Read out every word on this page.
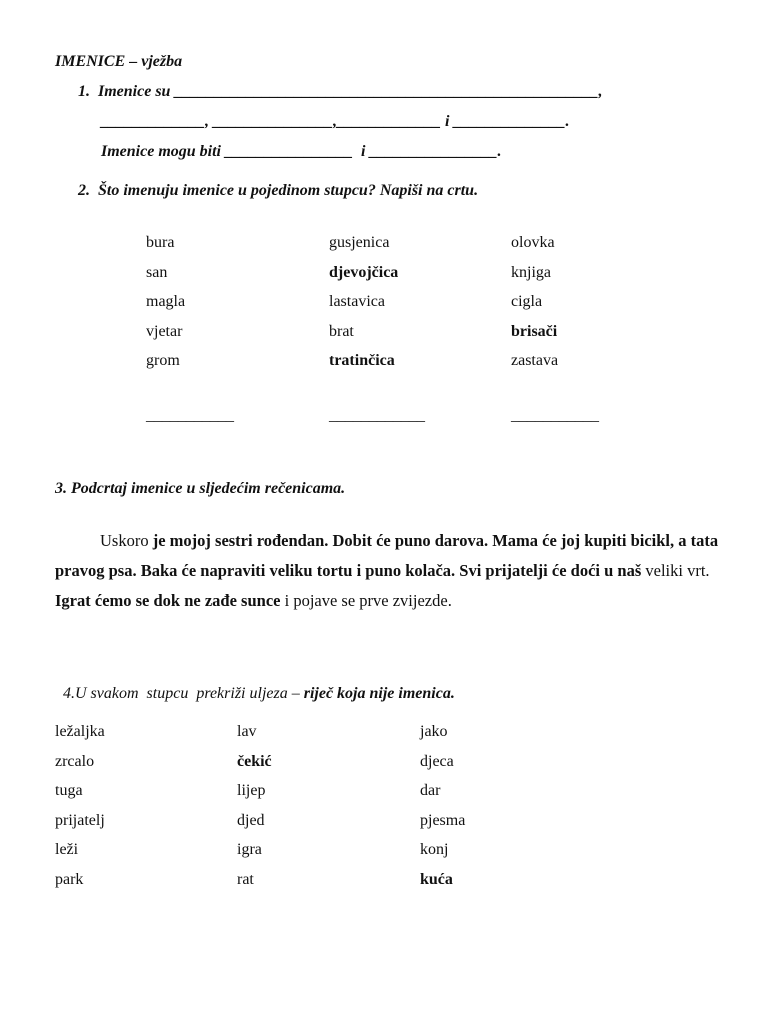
IMENICE – vježba
1.  Imenice su _____________________________________________________,
_____________, _______________,_____________ i ______________.
Imenice mogu biti ________________  i ________________.
2.  Što imenuju imenice u pojedinom stupcu? Napiši na crtu.
bura
san
magla
vjetar
grom
gusjenica
djevojčica
lastavica
brat
tratinčica
olovka
knjiga
cigla
brisači
zastava
___________	____________	___________
3. Podcrtaj imenice u sljedećim rečenicama.
Uskoro je mojoj sestri rođendan. Dobit će puno darova. Mama će joj kupiti bicikl, a tata pravog psa. Baka će napraviti veliku tortu i puno kolača. Svi prijatelji će doći u naš veliki vrt. Igrat ćemo se dok ne zađe sunce i pojave se prve zvijezde.

4.U svakom  stupcu  prekriži uljeza – riječ koja nije imenica.

ležaljka
zrcalo
tuga
prijatelj
leži
park
lav
čekić
lijep
djed
igra
rat
jako
djeca
dar
pjesma
konj
kuća
